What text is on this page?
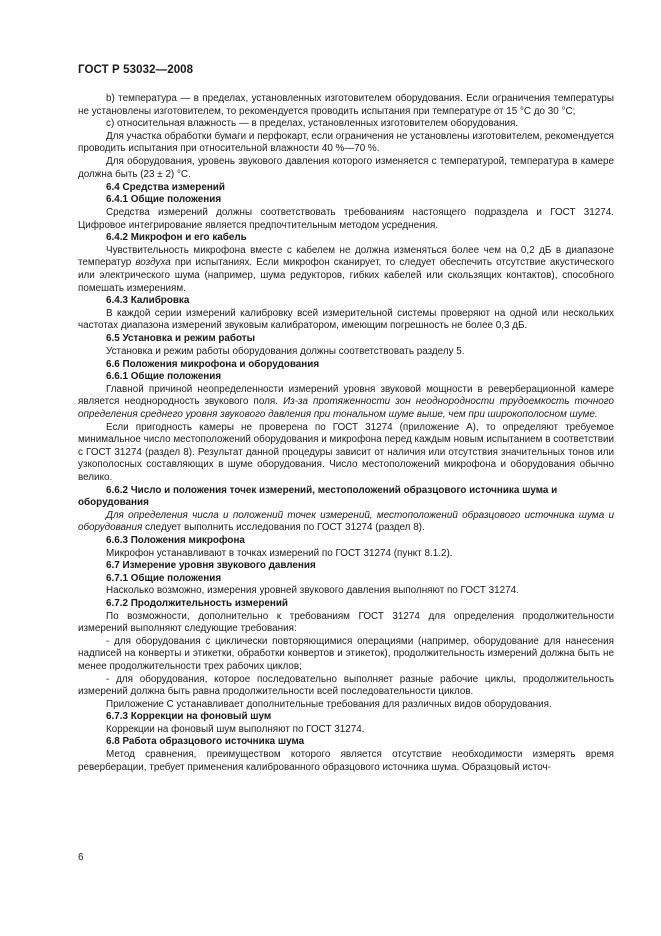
ГОСТ Р 53032—2008

b) температура — в пределах, установленных изготовителем оборудования. Если ограничения температуры не установлены изготовителем, то рекомендуется проводить испытания при температуре от 15 °С до 30 °С;

с) относительная влажность — в пределах, установленных изготовителем оборудования.

Для участка обработки бумаги и перфокарт, если ограничения не установлены изготовителем, рекомендуется проводить испытания при относительной влажности 40 %—70 %.

Для оборудования, уровень звукового давления которого изменяется с температурой, температура в камере должна быть (23 ± 2) °С.

6.4 Средства измерений

6.4.1 Общие положения

Средства измерений должны соответствовать требованиям настоящего подраздела и ГОСТ 31274. Цифровое интегрирование является предпочтительным методом усреднения.

6.4.2 Микрофон и его кабель

Чувствительность микрофона вместе с кабелем не должна изменяться более чем на 0,2 дБ в диапазоне температур воздуха при испытаниях. Если микрофон сканирует, то следует обеспечить отсутствие акустического или электрического шума (например, шума редукторов, гибких кабелей или скользящих контактов), способного помешать измерениям.

6.4.3 Калибровка

В каждой серии измерений калибровку всей измерительной системы проверяют на одной или нескольких частотах диапазона измерений звуковым калибратором, имеющим погрешность не более 0,3 дБ.

6.5 Установка и режим работы

Установка и режим работы оборудования должны соответствовать разделу 5.

6.6 Положения микрофона и оборудования

6.6.1 Общие положения

Главной причиной неопределенности измерений уровня звуковой мощности в реверберационной камере является неоднородность звукового поля. Из-за протяженности зон неоднородности трудоемкость точного определения среднего уровня звукового давления при тональном шуме выше, чем при широкополосном шуме.

Если пригодность камеры не проверена по ГОСТ 31274 (приложение А), то определяют требуемое минимальное число местоположений оборудования и микрофона перед каждым новым испытанием в соответствии с ГОСТ 31274 (раздел 8). Результат данной процедуры зависит от наличия или отсутствия значительных тонов или узкополосных составляющих в шуме оборудования. Число местоположений микрофона и оборудования обычно велико.

6.6.2 Число и положения точек измерений, местоположений образцового источника шума и оборудования

Для определения числа и положений точек измерений, местоположений образцового источника шума и оборудования следует выполнить исследования по ГОСТ 31274 (раздел 8).

6.6.3 Положения микрофона

Микрофон устанавливают в точках измерений по ГОСТ 31274 (пункт 8.1.2).

6.7 Измерение уровня звукового давления

6.7.1 Общие положения

Насколько возможно, измерения уровней звукового давления выполняют по ГОСТ 31274.

6.7.2 Продолжительность измерений

По возможности, дополнительно к требованиям ГОСТ 31274 для определения продолжительности измерений выполняют следующие требования:

- для оборудования с циклически повторяющимися операциями (например, оборудование для нанесения надписей на конверты и этикетки, обработки конвертов и этикеток), продолжительность измерений должна быть не менее продолжительности трех рабочих циклов;

- для оборудования, которое последовательно выполняет разные рабочие циклы, продолжительность измерений должна быть равна продолжительности всей последовательности циклов.

Приложение С устанавливает дополнительные требования для различных видов оборудования.

6.7.3 Коррекции на фоновый шум

Коррекции на фоновый шум выполняют по ГОСТ 31274.

6.8 Работа образцового источника шума

Метод сравнения, преимуществом которого является отсутствие необходимости измерять время реверберации, требует применения калиброванного образцового источника шума. Образцовый источ-

6
